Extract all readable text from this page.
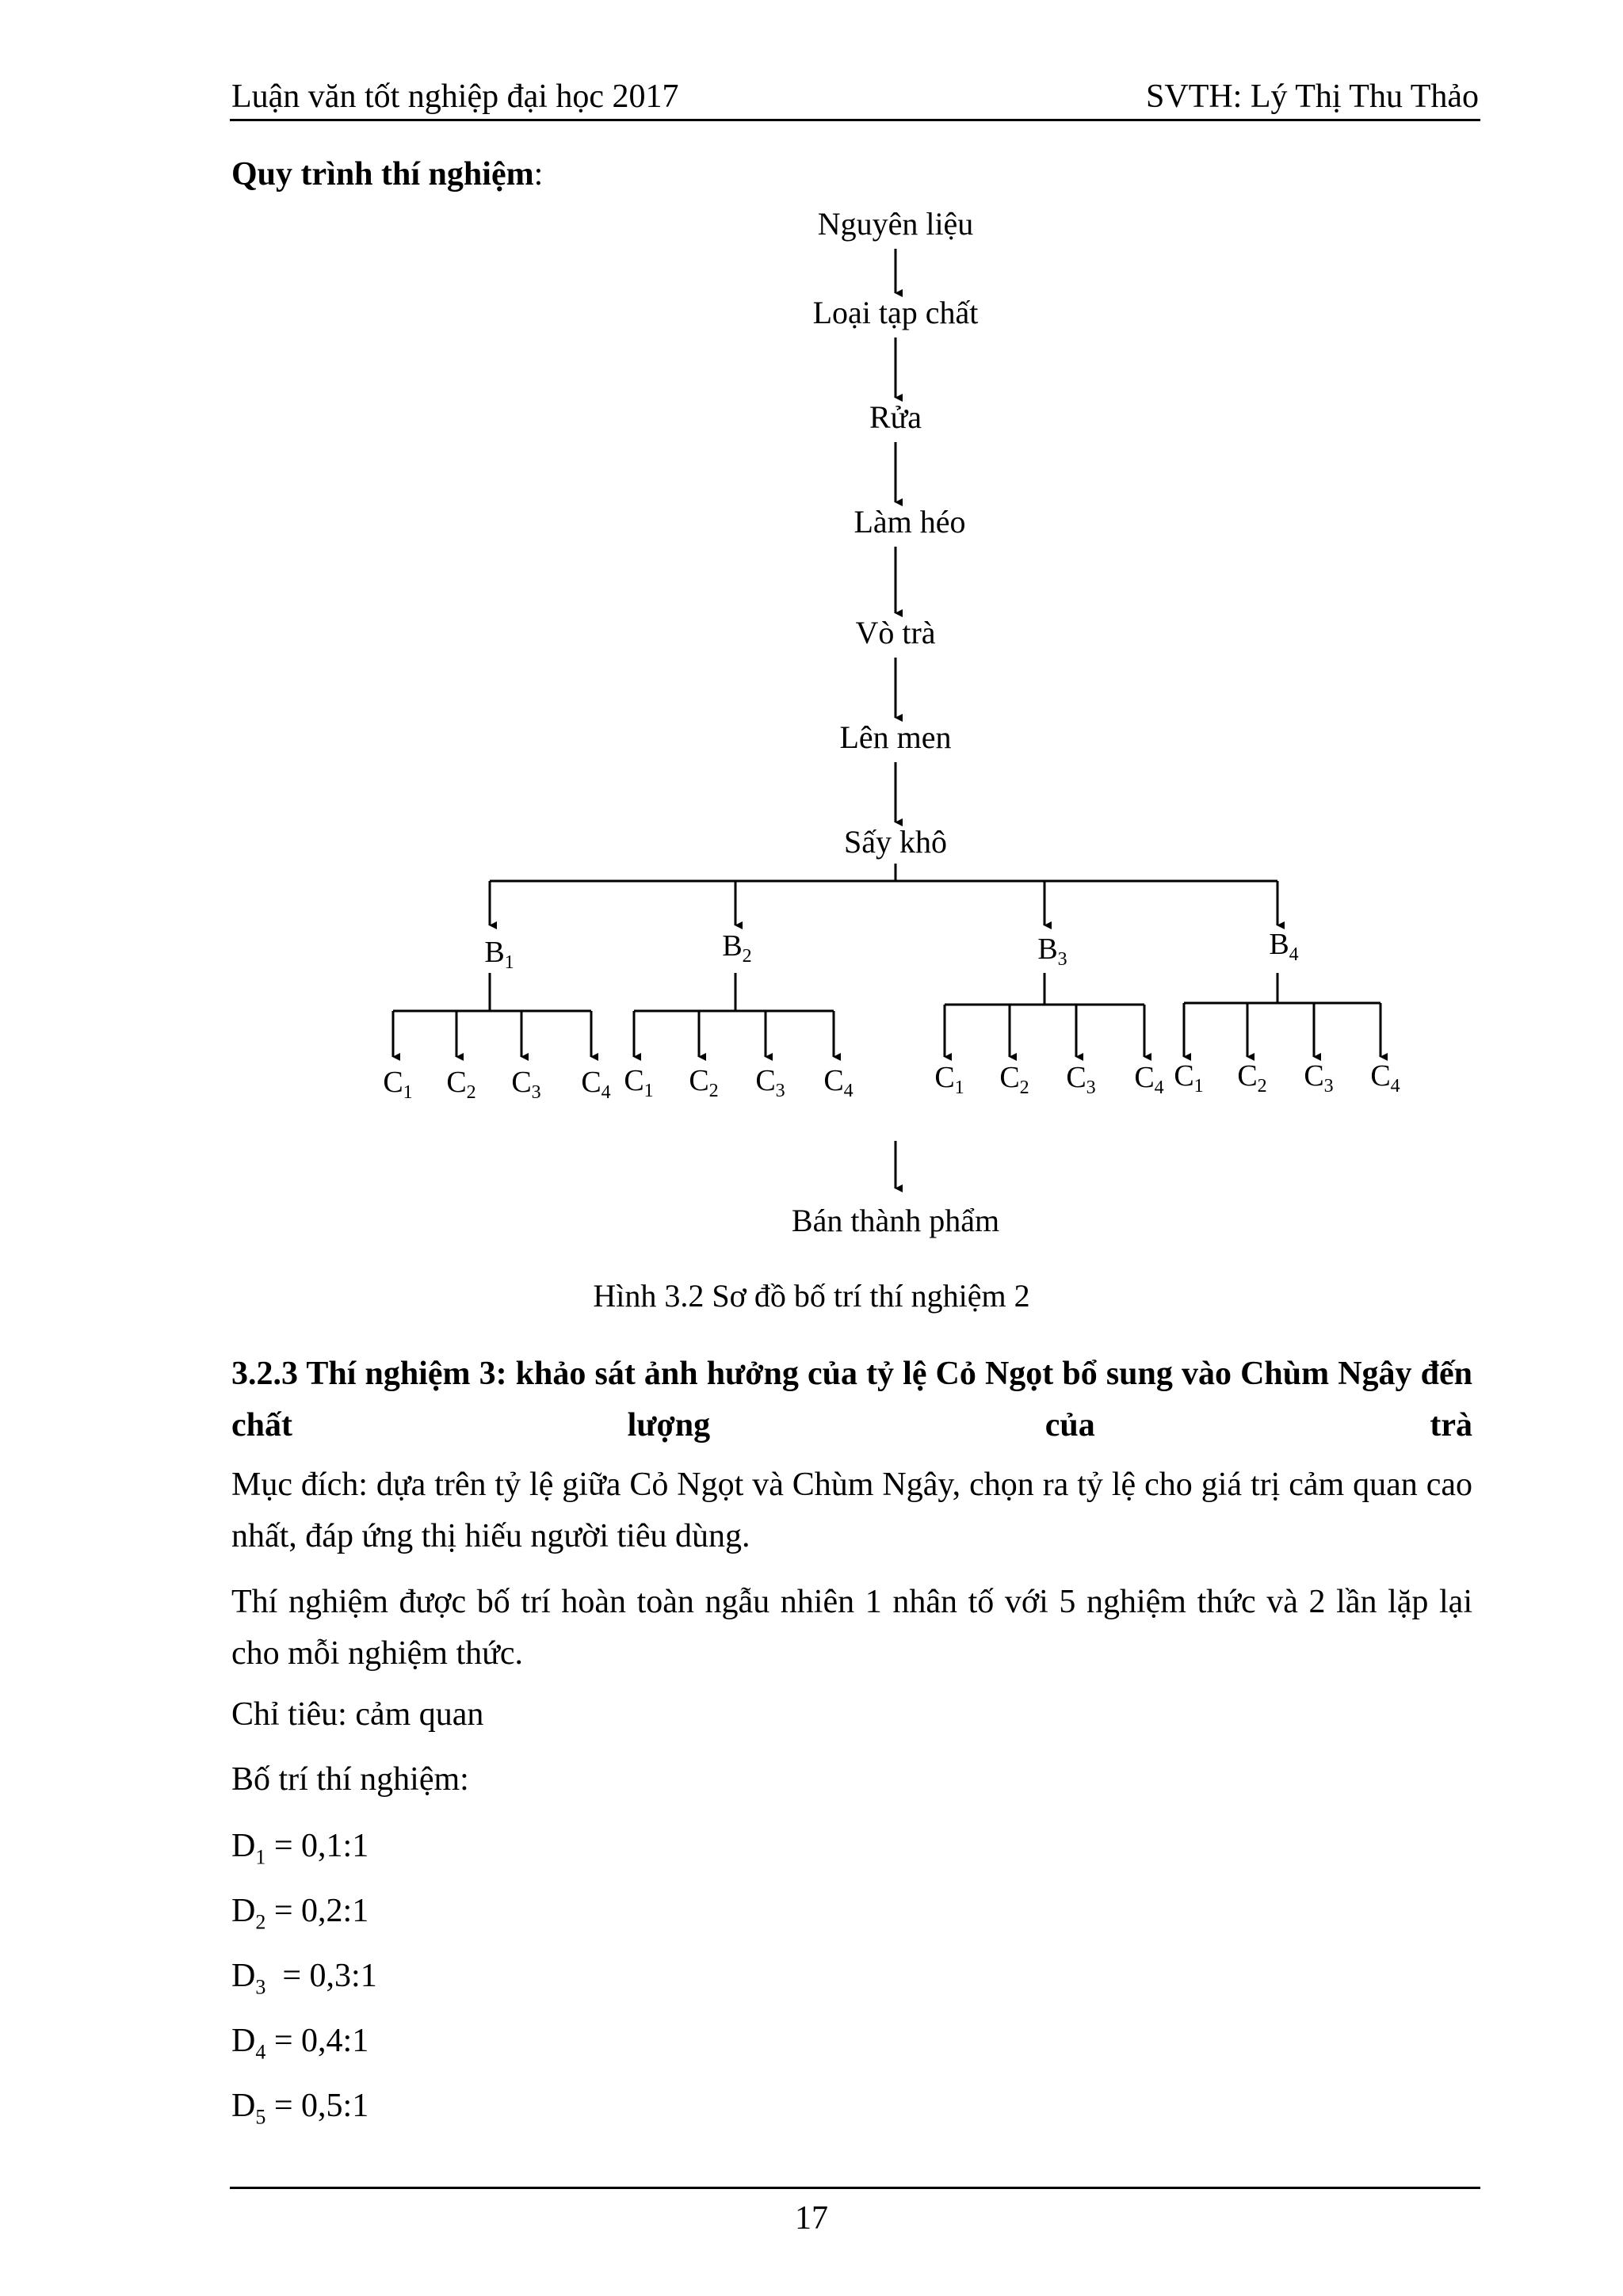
Luận văn tốt nghiệp đại học 2017	SVTH: Lý Thị Thu Thảo
Quy trình thí nghiệm:
Nguyên liệu
Loại tạp chất
Rửa
Làm héo
Vò trà
Lên men
Sấy khô
$B_1$	$B_2$	$B_3$	$B_4$
$C_1$ $C_2$ $C_3$ $C_4$ $C_1$ $C_2$ $C_3$ $C_4$	$C_1$ $C_2$ $C_3$ $C_4$ $C_1$ $C_2$ $C_3$ $C_4$
Bán thành phẩm
Hình 3.2 Sơ đồ bố trí thí nghiệm 2
3.2.3 Thí nghiệm 3: khảo sát ảnh hưởng của tỷ lệ Cỏ Ngọt bổ sung vào Chùm Ngây đến chất lượng của trà
Mục đích: dựa trên tỷ lệ giữa Cỏ Ngọt và Chùm Ngây, chọn ra tỷ lệ cho giá trị cảm quan cao nhất, đáp ứng thị hiếu người tiêu dùng.
Thí nghiệm được bố trí hoàn toàn ngẫu nhiên 1 nhân tố với 5 nghiệm thức và 2 lần lặp lại cho mỗi nghiệm thức.
Chỉ tiêu: cảm quan
Bố trí thí nghiệm:
$D_1$ = 0,1:1
$D_2$ = 0,2:1
$D_3$  = 0,3:1
$D_4$ = 0,4:1
$D_5$ = 0,5:1
17
